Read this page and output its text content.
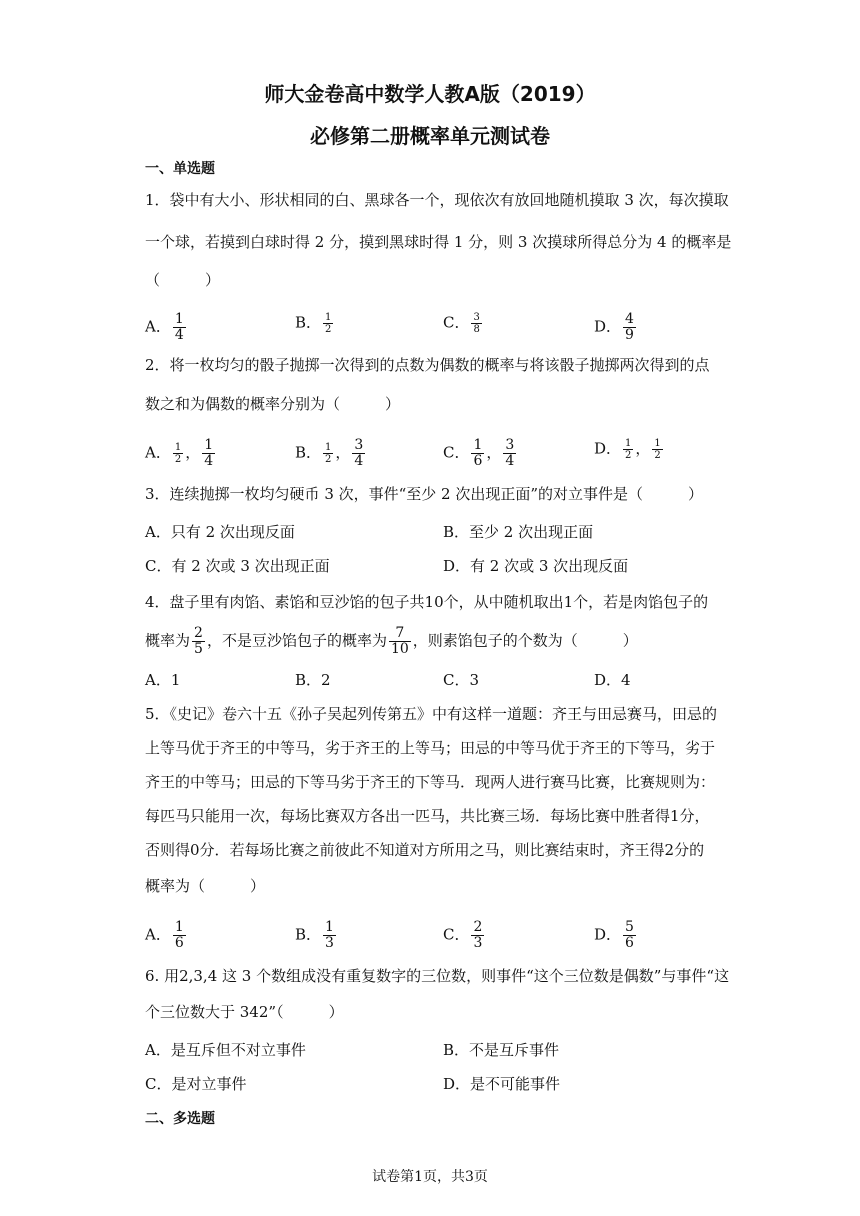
师大金卷高中数学人教A版（2019）
必修第二册概率单元测试卷
一、单选题
1．袋中有大小、形状相同的白、黑球各一个，现依次有放回地随机摸取 3 次，每次摸取
一个球，若摸到白球时得 2 分，摸到黑球时得 1 分，则 3 次摸球所得总分为 4 的概率是
（　　　）
A． $\frac{1}{4}$	B． $\frac{1}{2}$	C． $\frac{3}{8}$	D． $\frac{4}{9}$
2．将一枚均匀的骰子抛掷一次得到的点数为偶数的概率与将该骰子抛掷两次得到的点
数之和为偶数的概率分别为（　　　）
A． $\frac{1}{2}$ ， $\frac{1}{4}$	B． $\frac{1}{2}$ ， $\frac{3}{4}$	C． $\frac{1}{6}$ ， $\frac{3}{4}$	D． $\frac{1}{2}$ ， $\frac{1}{2}$
3．连续抛掷一枚均匀硬币 3 次，事件“至少 2 次出现正面”的对立事件是（　　　）
A．只有 2 次出现反面	B．至少 2 次出现正面
C．有 2 次或 3 次出现正面	D．有 2 次或 3 次出现反面
4．盘子里有肉馅、素馅和豆沙馅的包子共10个，从中随机取出1个，若是肉馅包子的
概率为 $\frac{2}{5}$ ，不是豆沙馅包子的概率为 $\frac{7}{10}$ ，则素馅包子的个数为（　　　）
A．1	B．2	C．3	D．4
5．《史记》卷六十五《孙子吴起列传第五》中有这样一道题：齐王与田忌赛马，田忌的
上等马优于齐王的中等马，劣于齐王的上等马；田忌的中等马优于齐王的下等马，劣于
齐王的中等马；田忌的下等马劣于齐王的下等马．现两人进行赛马比赛，比赛规则为：
每匹马只能用一次，每场比赛双方各出一匹马，共比赛三场．每场比赛中胜者得1分，
否则得0分．若每场比赛之前彼此不知道对方所用之马，则比赛结束时，齐王得2分的
概率为（　　　）
A． $\frac{1}{6}$	B． $\frac{1}{3}$	C． $\frac{2}{3}$	D． $\frac{5}{6}$
6. 用2,3,4 这 3 个数组成没有重复数字的三位数，则事件“这个三位数是偶数”与事件“这
个三位数大于 342”（　　　）
A．是互斥但不对立事件	B．不是互斥事件
C．是对立事件	D．是不可能事件
二、多选题
试卷第1页，共3页
